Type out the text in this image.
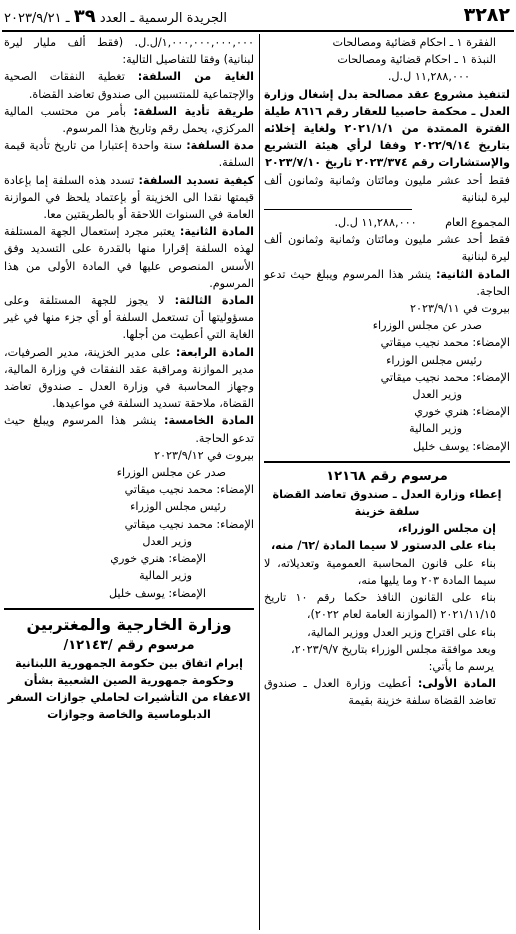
٣٢٨٢
الجريدة الرسمية ـ العدد ٣٩ ـ ٢٠٢٣/٩/٢١

الفقرة ١ ـ احكام قضائية ومصالحات

النبذة ١ ـ احكام قضائية ومصالحات

١١,٢٨٨,٠٠٠ ل.ل.

لتنفيذ مشروع عقد مصالحة بدل إشغال وزارة العدل ـ محكمة حاصبيا للعقار رقم ٨٦١٦ طيلة الفترة الممتدة من ٢٠٢١/١/١ ولغاية إخلائه بتاريخ ٢٠٢٢/٩/١٤ وفقا لرأي هيئة التشريع والإستشارات رقم ٢٠٢٣/٣٧٤ تاريخ ٢٠٢٣/٧/١٠

فقط أحد عشر مليون ومائتان وثمانية وثمانون ألف ليرة لبنانية

المجموع العام        ١١,٢٨٨,٠٠٠ ل.ل.

فقط أحد عشر مليون ومائتان وثمانية وثمانون ألف ليرة لبنانية

المادة الثانية: ينشر هذا المرسوم ويبلغ حيث تدعو الحاجة.

بيروت في ٢٠٢٣/٩/١١

صدر عن مجلس الوزراء

الإمضاء: محمد نجيب ميقاتي

رئيس مجلس الوزراء

الإمضاء: محمد نجيب ميقاتي

وزير العدل

الإمضاء: هنري خوري

وزير المالية

الإمضاء: يوسف خليل

مرسوم رقم ١٢١٦٨

إعطاء وزارة العدل ـ صندوق تعاضد القضاة سلفة خزينة

إن مجلس الوزراء،

بناء على الدستور لا سيما المادة /٦٢/ منه،

بناء على قانون المحاسبة العمومية وتعديلاته، لا سيما المادة ٢٠٣ وما يليها منه،

بناء على القانون النافذ حكما رقم ١٠ تاريخ ٢٠٢١/١١/١٥ (الموازنة العامة لعام ٢٠٢٢)،

بناء على اقتراح وزير العدل ووزير المالية،

وبعد موافقة مجلس الوزراء بتاريخ ٢٠٢٣/٩/٧،

يرسم ما يأتي:

المادة الأولى: أعطيت وزارة العدل ـ صندوق تعاضد القضاة سلفة خزينة بقيمة

١,٠٠٠,٠٠٠,٠٠٠,٠٠٠/ل.ل. (فقط ألف مليار ليرة لبنانية) وفقا للتفاصيل التالية:

الغاية من السلفة: تغطية النفقات الصحية والإجتماعية للمنتسبين الى صندوق تعاضد القضاة.

طريقة تأدية السلفة: بأمر من محتسب المالية المركزي، يحمل رقم وتاريخ هذا المرسوم.

مدة السلفة: سنة واحدة إعتبارا من تاريخ تأدية قيمة السلفة.

كيفية تسديد السلفة: تسدد هذه السلفة إما بإعادة قيمتها نقدا الى الخزينة أو بإعتماد يلحظ في الموازنة العامة في السنوات اللاحقة أو بالطريقتين معا.

المادة الثانية: يعتبر مجرد إستعمال الجهة المستلفة لهذه السلفة إقرارا منها بالقدرة على التسديد وفق الأسس المنصوص عليها في المادة الأولى من هذا المرسوم.

المادة الثالثة: لا يجوز للجهة المستلفة وعلى مسؤوليتها أن تستعمل السلفة أو أي جزء منها في غير الغاية التي أعطيت من أجلها.

المادة الرابعة: على مدير الخزينة، مدير الصرفيات، مدير الموازنة ومراقبة عقد النفقات في وزارة المالية، وجهاز المحاسبة في وزارة العدل ـ صندوق تعاضد القضاة، ملاحقة تسديد السلفة في مواعيدها.

المادة الخامسة: ينشر هذا المرسوم ويبلغ حيث تدعو الحاجة.

بيروت في ٢٠٢٣/٩/١٢

صدر عن مجلس الوزراء

الإمضاء: محمد نجيب ميقاتي

رئيس مجلس الوزراء

الإمضاء: محمد نجيب ميقاتي

وزير العدل

الإمضاء: هنري خوري

وزير المالية

الإمضاء: يوسف خليل

وزارة الخارجية والمغتربين

مرسوم رقم /١٢١٤٣/

إبرام اتفاق بين حكومة الجمهورية اللبنانية وحكومة جمهورية الصين الشعبية بشأن الاعفاء من التأشيرات لحاملي جوازات السفر الدبلوماسية والخاصة وجوازات
